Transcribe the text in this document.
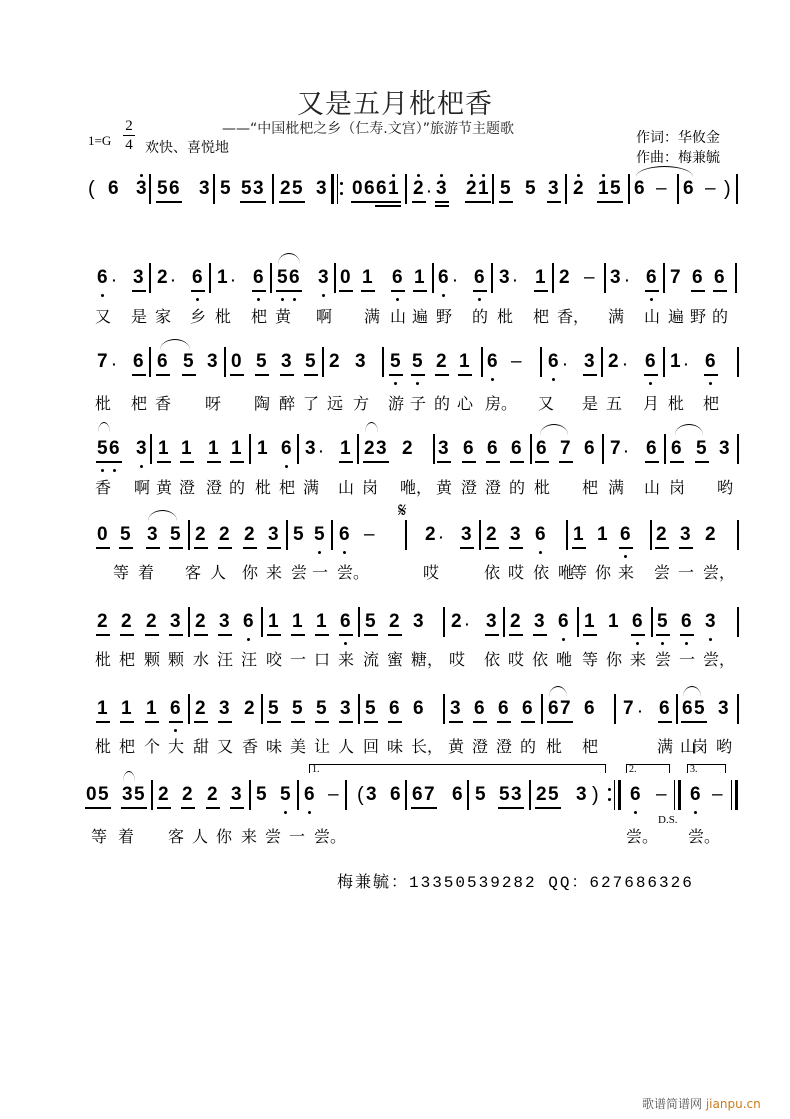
又是五月枇杷香
——“中国枇杷之乡（仁寿.文宫）”旅游节主题歌
1=G
2
4 欢快、喜悦地
作词：华攸金
作曲：梅兼毓
( 6 3 5 6 3 5 5 3 2 5 3 0 6 6 1 2 · 3 2 1 5 5 3 2 1 5 6 – 6 – )
6 · 3 2 · 6 1 · 6 5 6 3 0 1 6 1 6 · 6 3 · 1 2 – 3 · 6 7 6 6
又 是 家 乡 枇 杷 黄 啊 满 山 遍 野 的 枇 杷 香， 满 山 遍 野 的
7 · 6 6 5 3 0 5 3 5 2 3 5 5 2 1 6 – 6 · 3 2 · 6 1 · 6
枇 杷 香 呀 陶 醉 了 远 方 游 子 的 心 房。 又 是 五 月 枇 杷
5 6 3 1 1 1 1 1 6 3 · 1 2 3 2 3 6 6 6 6 7 6 7 · 6 6 5 3
香 啊 黄 澄 澄 的 枇 杷 满 山 岗 咃， 黄 澄 澄 的 枇 杷 满 山 岗 哟
0 5 3 5 2 2 2 3 5 5 6 –	2 · 3 2 3 6 1 1 6 2 3 2
等 着 客 人 你 来 尝 一 尝。	哎	依 哎 依 咃
等 你 来 尝 一 尝，
2 2 2 3 2 3 6 1 1 1 6 5 2 3 2 · 3 2 3 6 1 1 6 5 6 3
枇 杷 颗 颗 水 汪 汪 咬 一 口 来 流 蜜 糖， 哎 依 哎 依 咃 等 你 来 尝 一 尝，
1 1 1 6 2 3 2 5 5 5 3 5 6 6 3 6 6 6 6 7 6 7 · 6 6 5 3
枇 杷 个 大 甜 又 香 味 美 让 人 回 味 长， 黄 澄 澄 的 枇 杷	满 山
岗 哟
0 5 3 5 2 2 2 3 5 5 6 – ( 3 6 6 7 6 5 5 3 2 5 3 ) 6 – 6 –
等 着 客 人 你 来 尝 一 尝。	尝。 尝。
𝄋
1.	2.	3.
D.S.
梅兼毓：13350539282 QQ：627686326
歌谱简谱网 jianpu.cn
